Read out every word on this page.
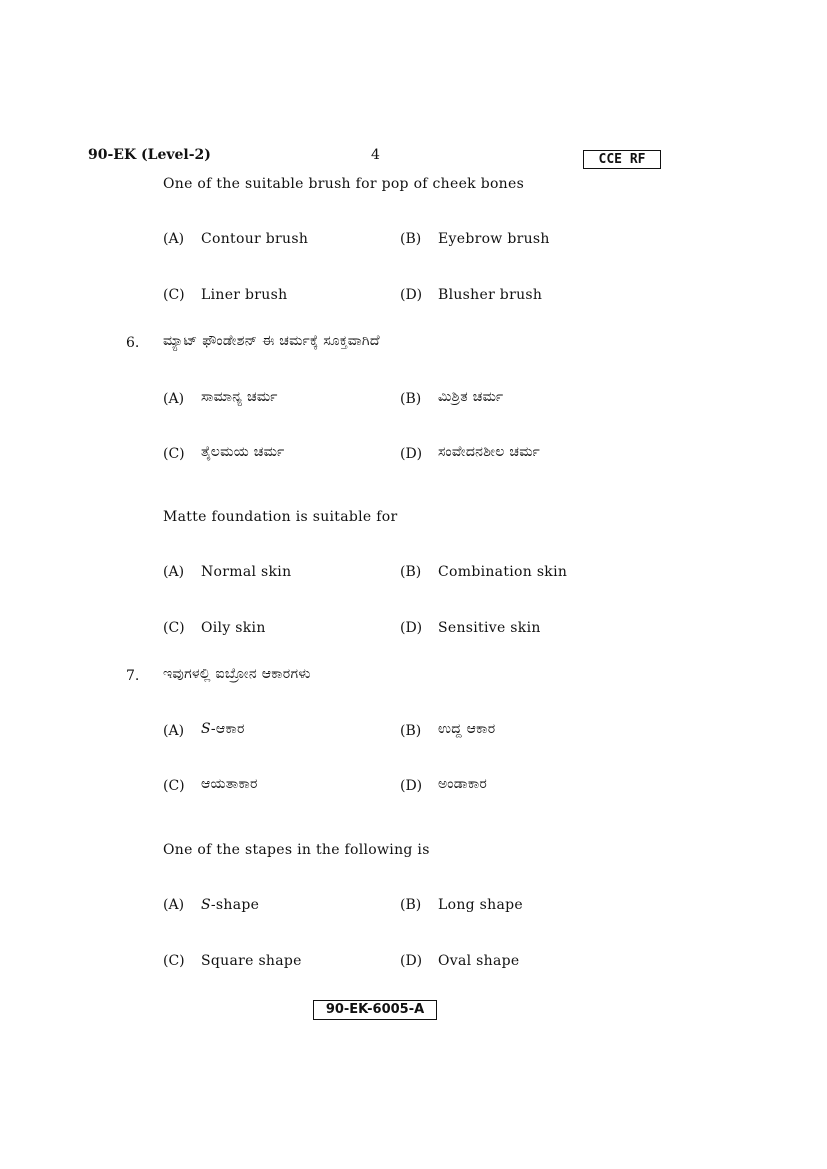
90-EK (Level-2)	4	CCE RF
One of the suitable brush for pop of cheek bones
(A) Contour brush	(B) Eyebrow brush
(C) Liner brush	(D) Blusher brush
6. ಮ್ಯಾಟ್ ಫೌಂಡೇಶನ್ ಈ ಚರ್ಮಕ್ಕೆ ಸೂಕ್ತವಾಗಿದೆ
(A) ಸಾಮಾನ್ಯ ಚರ್ಮ	(B) ಮಿಶ್ರಿತ ಚರ್ಮ
(C) ತೈಲಮಯ ಚರ್ಮ	(D) ಸಂವೇದನಶೀಲ ಚರ್ಮ
Matte foundation is suitable for
(A) Normal skin	(B) Combination skin
(C) Oily skin	(D) Sensitive skin
7. ಇವುಗಳಲ್ಲಿ ಐಬ್ರೋನ ಆಕಾರಗಳು
(A) S-ಆಕಾರ	(B) ಉದ್ದ ಆಕಾರ
(C) ಆಯತಾಕಾರ	(D) ಅಂಡಾಕಾರ
One of the stapes in the following is
(A) S-shape	(B) Long shape
(C) Square shape	(D) Oval shape
90-EK-6005-A
